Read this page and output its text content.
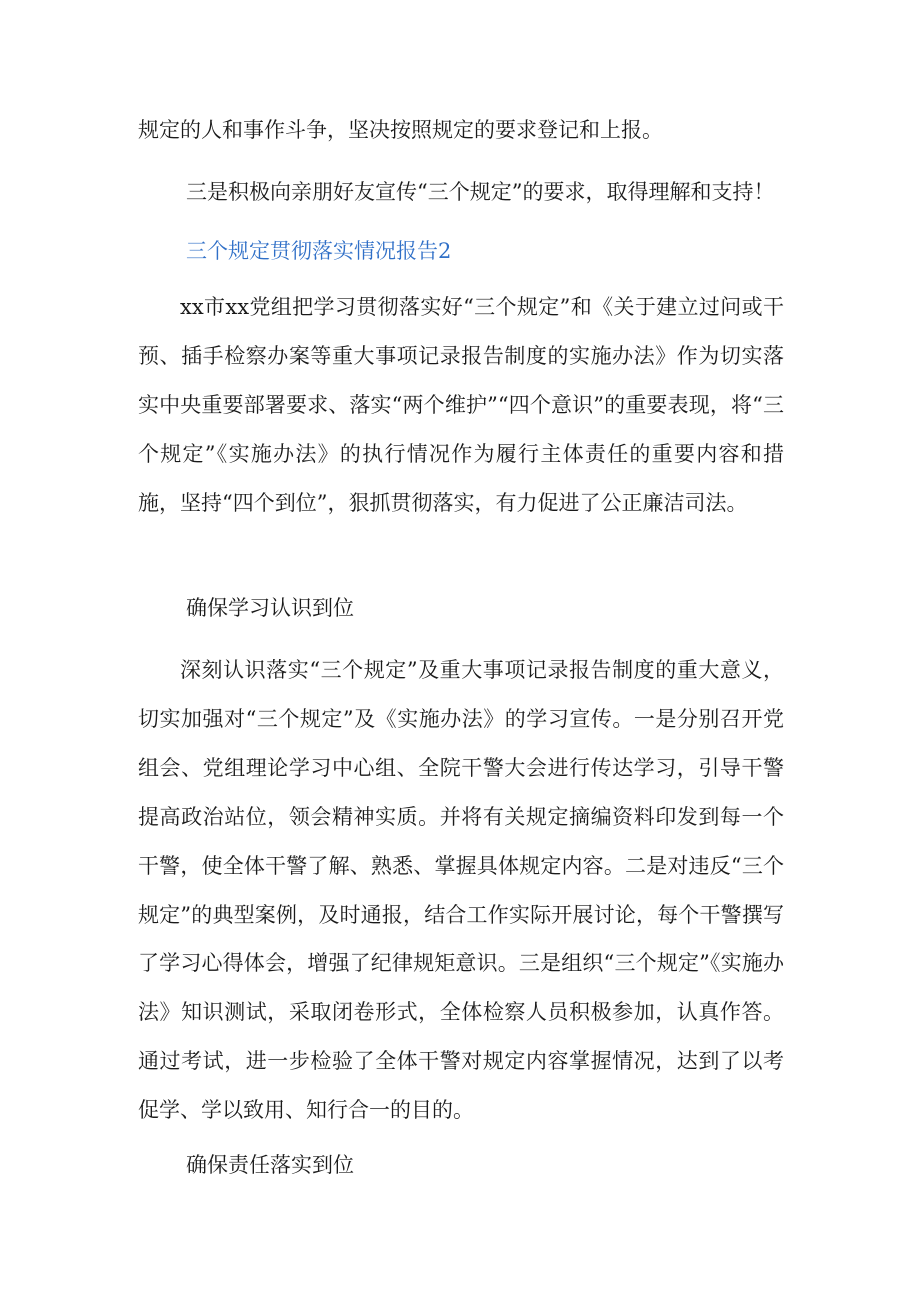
规定的人和事作斗争，坚决按照规定的要求登记和上报。

三是积极向亲朋好友宣传“三个规定”的要求，取得理解和支持！

三个规定贯彻落实情况报告2

xx市xx党组把学习贯彻落实好“三个规定”和《关于建立过问或干预、插手检察办案等重大事项记录报告制度的实施办法》作为切实落实中央重要部署要求、落实“两个维护”“四个意识”的重要表现，将“三个规定”《实施办法》的执行情况作为履行主体责任的重要内容和措施，坚持“四个到位”，狠抓贯彻落实，有力促进了公正廉洁司法。

确保学习认识到位

深刻认识落实“三个规定”及重大事项记录报告制度的重大意义，切实加强对“三个规定”及《实施办法》的学习宣传。一是分别召开党组会、党组理论学习中心组、全院干警大会进行传达学习，引导干警提高政治站位，领会精神实质。并将有关规定摘编资料印发到每一个干警，使全体干警了解、熟悉、掌握具体规定内容。二是对违反“三个规定”的典型案例，及时通报，结合工作实际开展讨论，每个干警撰写了学习心得体会，增强了纪律规矩意识。三是组织“三个规定”《实施办法》知识测试，采取闭卷形式，全体检察人员积极参加，认真作答。通过考试，进一步检验了全体干警对规定内容掌握情况，达到了以考促学、学以致用、知行合一的目的。

确保责任落实到位
